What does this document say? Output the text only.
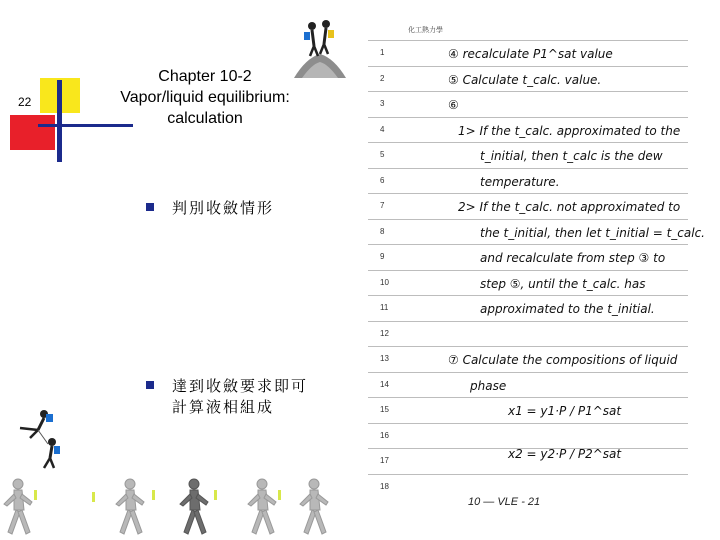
22
Chapter 10-2
Vapor/liquid equilibrium:
calculation
判別收斂情形
達到收斂要求即可
計算液相組成
化工熱力學
1
2
3
4
5
6
7
8
9
10
11
12
13
14
15
16
17
18
④ recalculate P1^sat value
⑤ Calculate t_calc. value.
⑥
1> If the t_calc. approximated to the
t_initial, then t_calc is the dew
temperature.
2> If the t_calc. not approximated to
the t_initial, then let t_initial = t_calc.
and recalculate from step ③ to
step ⑤, until the t_calc. has
approximated to the t_initial.
⑦ Calculate the compositions of liquid
phase
x1 = y1·P / P1^sat
x2 = y2·P / P2^sat
10 — VLE - 21
